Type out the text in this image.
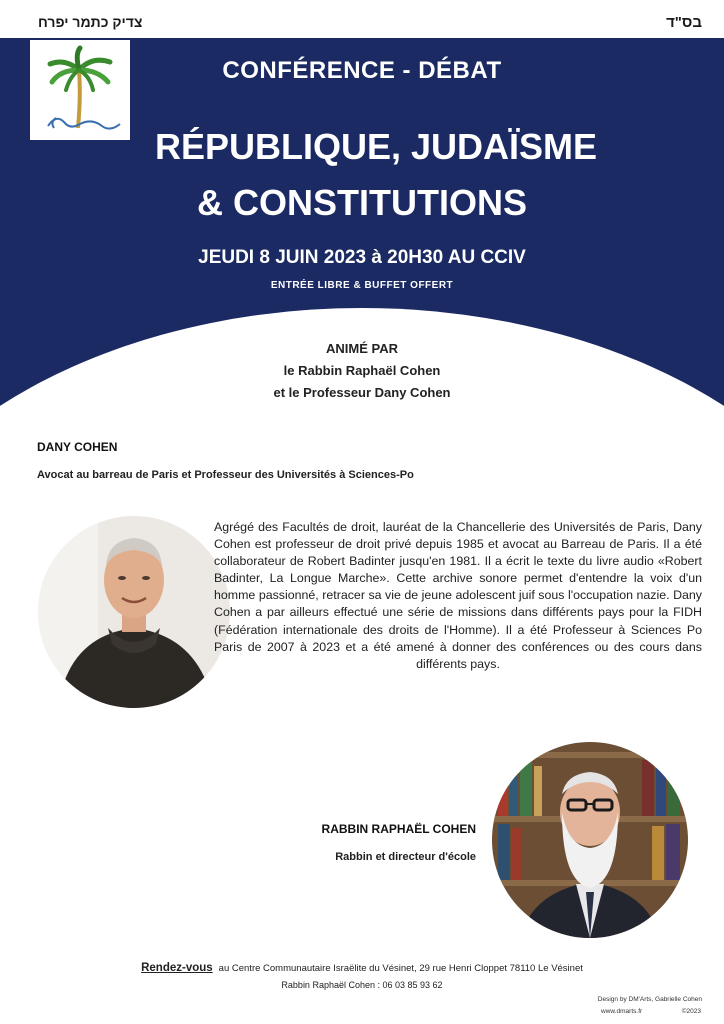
צדיק כתמר יפרח	בס"ד
CONFÉRENCE - DÉBAT
RÉPUBLIQUE, JUDAÏSME
& CONSTITUTIONS
JEUDI 8 JUIN 2023 à 20H30 AU CCIV
ENTRÉE LIBRE & BUFFET OFFERT
ANIMÉ PAR
le Rabbin Raphaël Cohen
et le Professeur Dany Cohen
DANY COHEN
Avocat au barreau de Paris et Professeur des Universités à Sciences-Po

Agrégé des Facultés de droit, lauréat de la Chancellerie des Universités de Paris, Dany Cohen est professeur de droit privé depuis 1985 et avocat au Barreau de Paris. Il a été collaborateur de Robert Badinter jusqu'en 1981. Il a écrit le texte du livre audio «Robert Badinter, La Longue Marche». Cette archive sonore permet d'entendre la voix d'un homme passionné, retracer sa vie de jeune adolescent juif sous l'occupation nazie. Dany Cohen a par ailleurs effectué une série de missions dans différents pays pour la FIDH (Fédération internationale des droits de l'Homme). Il a été Professeur à Sciences Po Paris de 2007 à 2023 et a été amené à donner des conférences ou des cours dans différents pays.

RABBIN RAPHAËL COHEN
Rabbin et directeur d'école
Rendez-vous au Centre Communautaire Israëlite du Vésinet, 29 rue Henri Cloppet 78110 Le Vésinet
Rabbin Raphaël Cohen : 06 03 85 93 62
Design by DM'Arts, Gabrielle Cohen
www.dmarts.fr	©2023
